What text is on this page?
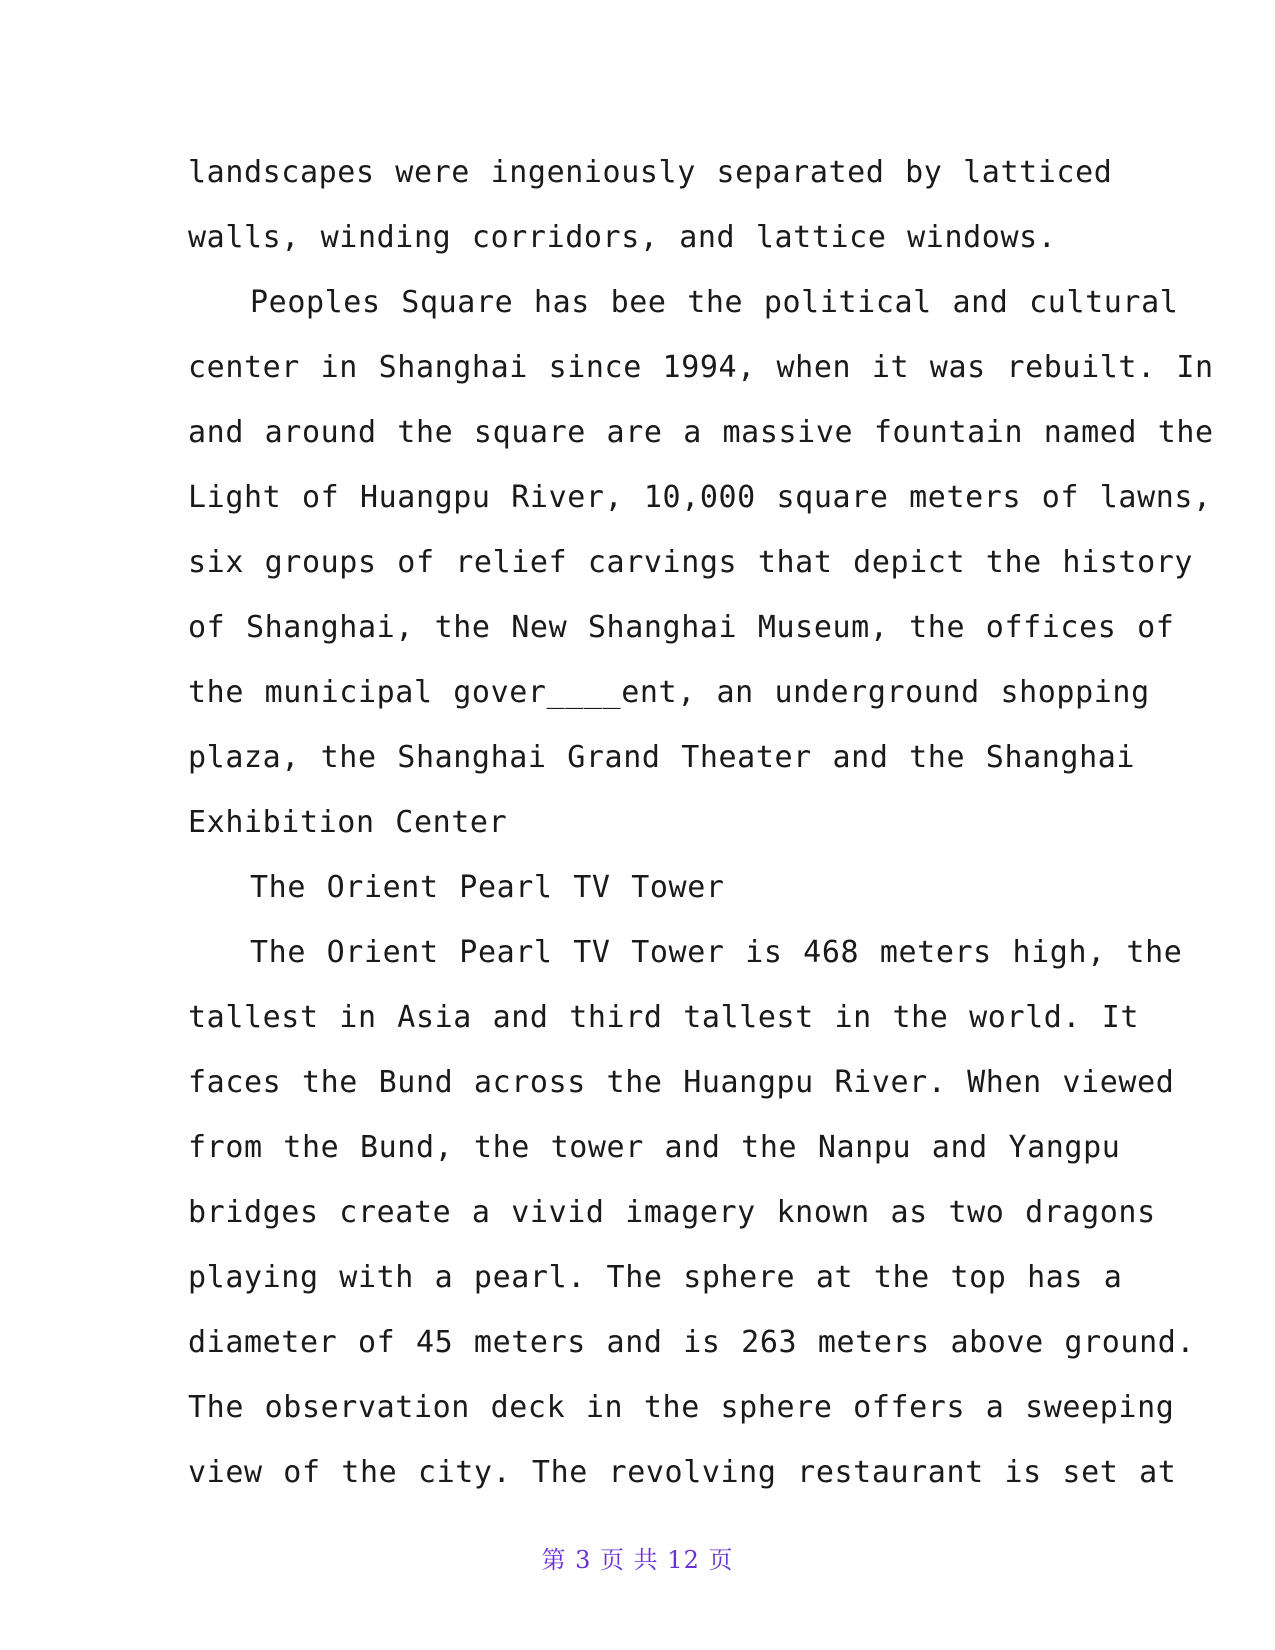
landscapes were ingeniously separated by latticed
walls, winding corridors, and lattice windows.
Peoples Square has bee the political and cultural
center in Shanghai since 1994, when it was rebuilt. In
and around the square are a massive fountain named the
Light of Huangpu River, 10,000 square meters of lawns,
six groups of relief carvings that depict the history
of Shanghai, the New Shanghai Museum, the offices of
the municipal gover____ent, an underground shopping
plaza, the Shanghai Grand Theater and the Shanghai
Exhibition Center
The Orient Pearl TV Tower
The Orient Pearl TV Tower is 468 meters high, the
tallest in Asia and third tallest in the world. It
faces the Bund across the Huangpu River. When viewed
from the Bund, the tower and the Nanpu and Yangpu
bridges create a vivid imagery known as two dragons
playing with a pearl. The sphere at the top has a
diameter of 45 meters and is 263 meters above ground.
The observation deck in the sphere offers a sweeping
view of the city. The revolving restaurant is set at
第 3 页 共 12 页
